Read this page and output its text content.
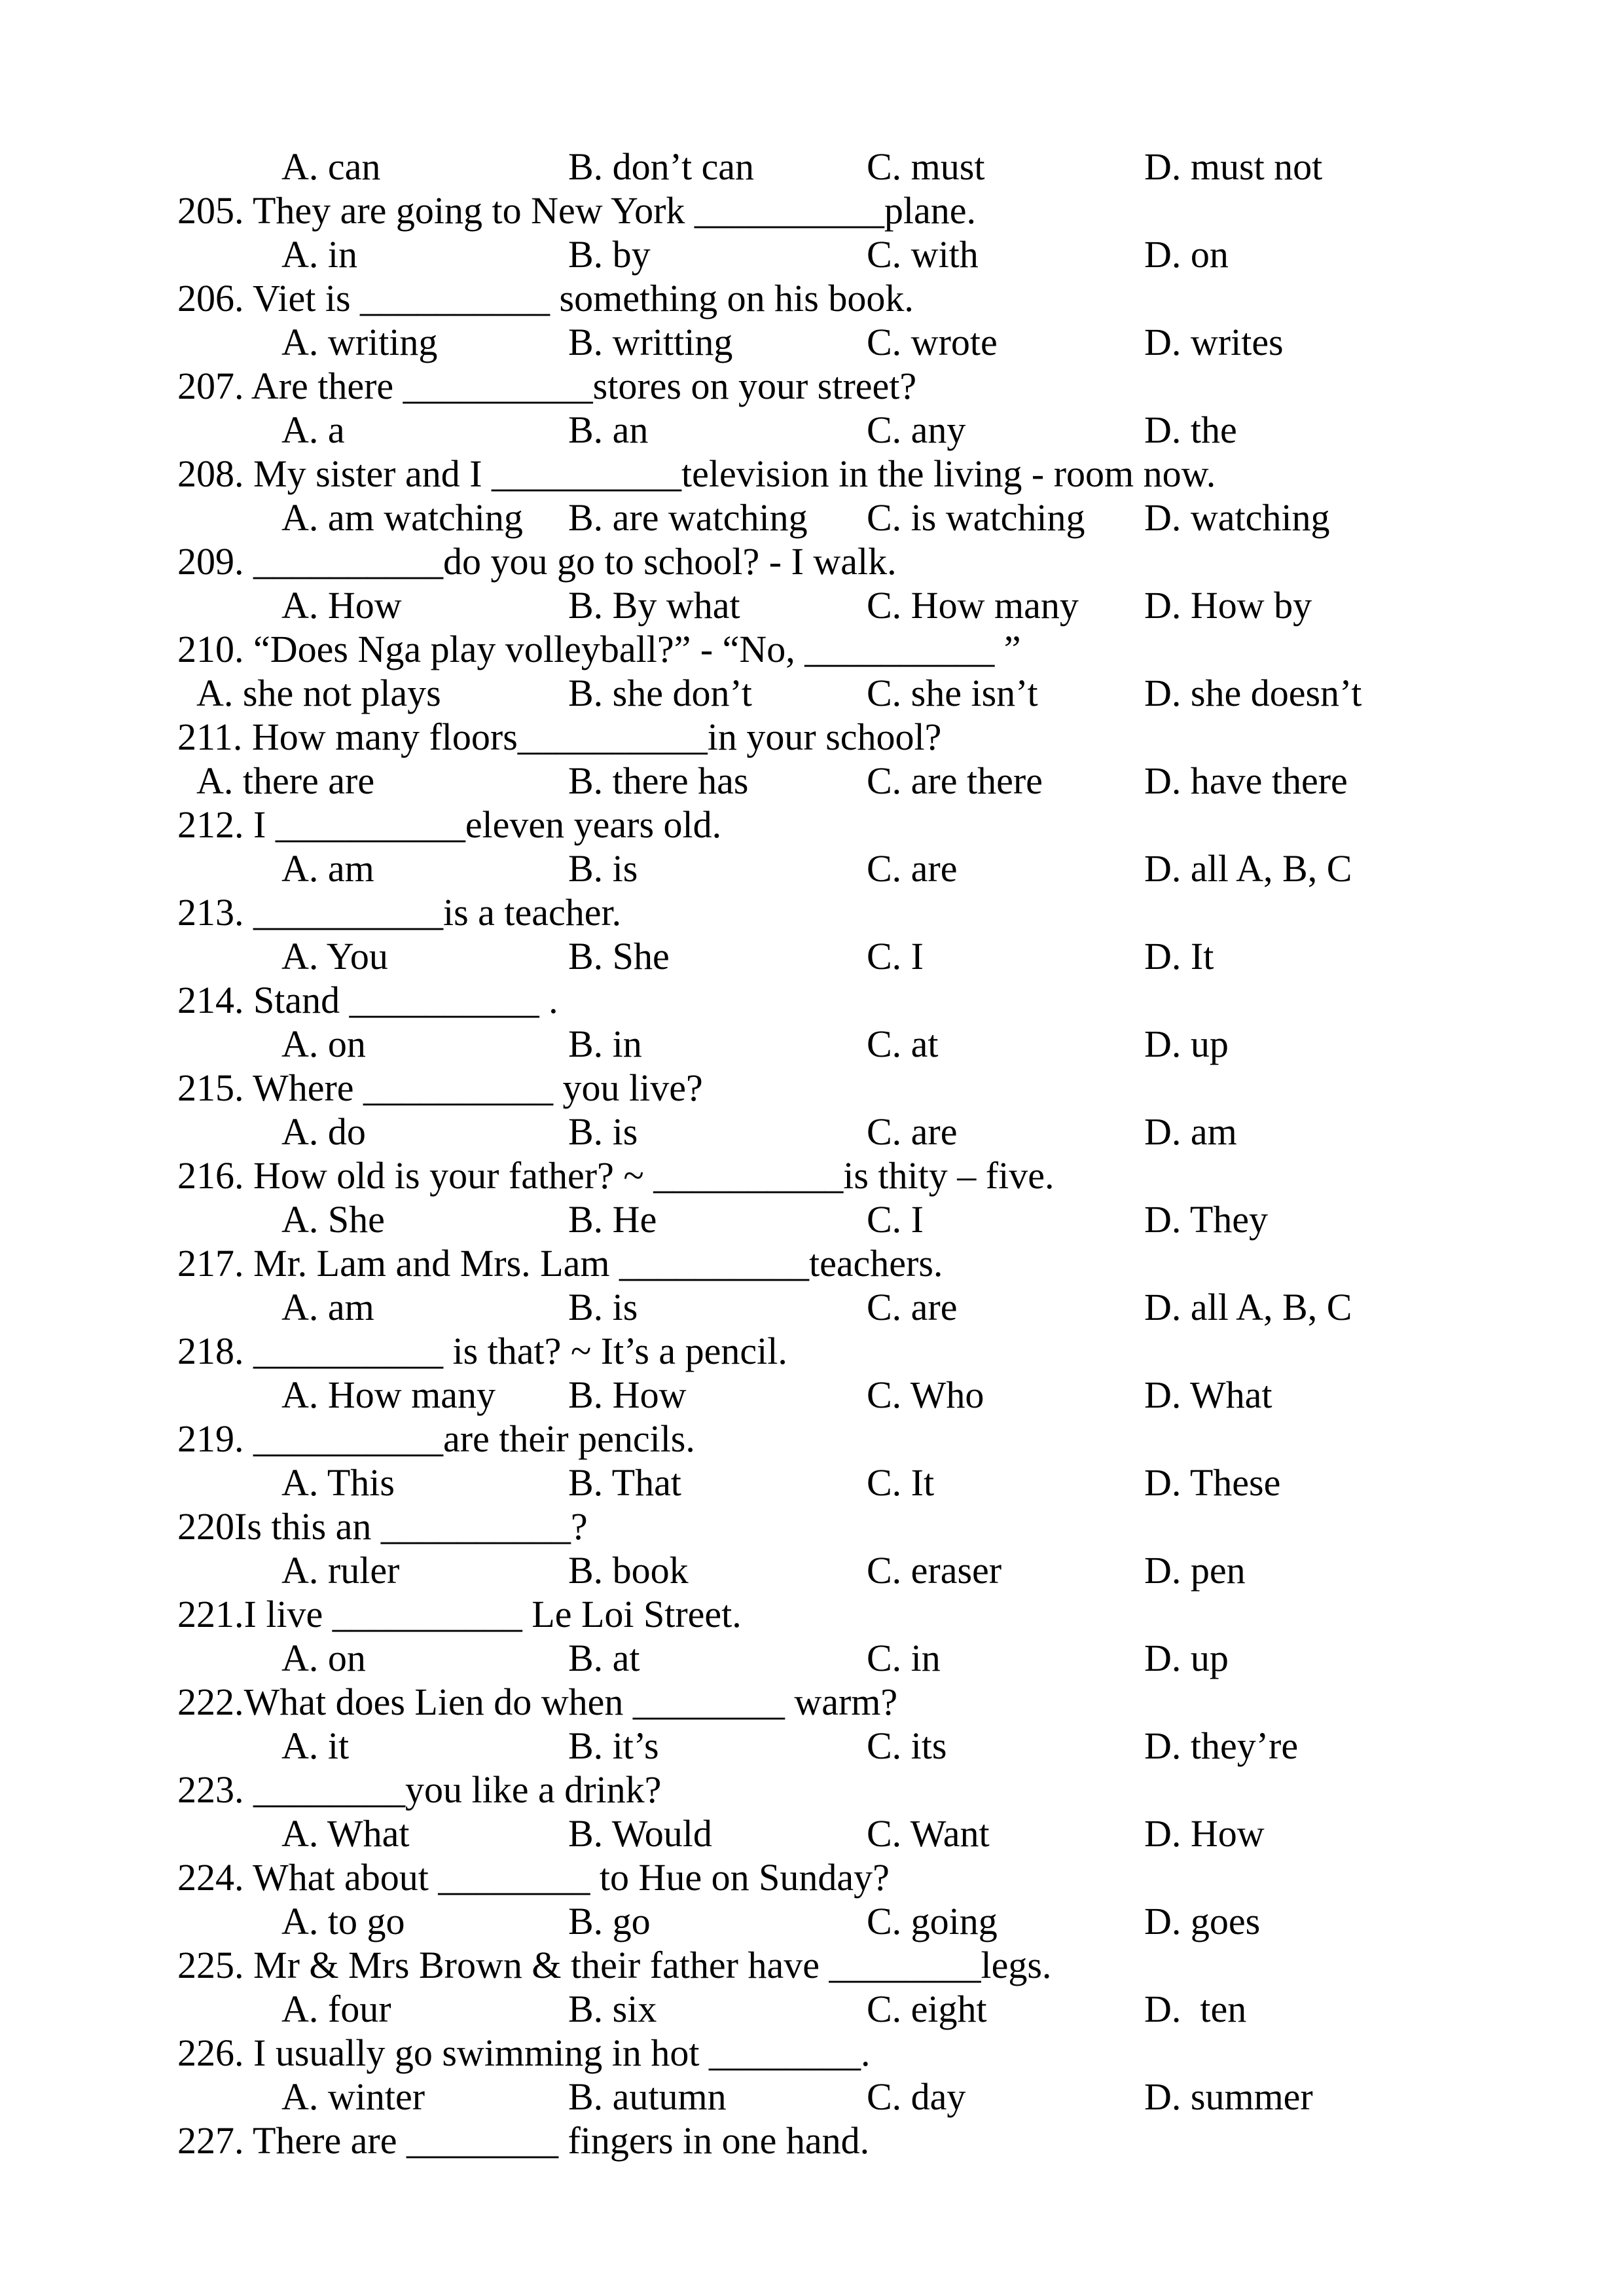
A. can	B. don’t can	C. must	D. must not
205. They are going to New York __________plane.
A. in	B. by	C. with	D. on
206. Viet is __________ something on his book.
A. writing	B. writting	C. wrote	D. writes
207. Are there __________stores on your street?
A. a	B. an	C. any	D. the
208. My sister and I __________television in the living - room now.
A. am watching B. are watching C. is watching D. watching
209. __________do you go to school? - I walk.
A. How	B. By what	C. How many D. How by
210. “Does Nga play volleyball?” - “No, __________ ”
A. she not plays	B. she don’t	C. she isn’t	D. she doesn’t
211. How many floors__________in your school?
A. there are	B. there has	C. are there	D. have there
212. I __________eleven years old.
A. am	B. is	C. are	D. all A, B, C
213. __________is a teacher.
A. You	B. She	C. I	D. It
214. Stand __________ .
A. on	B. in	C. at	D. up
215. Where __________ you live?
A. do	B. is	C. are	D. am
216. How old is your father? ~ __________is thity – five.
A. She	B. He	C. I	D. They
217. Mr. Lam and Mrs. Lam __________teachers.
A. am	B. is	C. are	D. all A, B, C
218. __________ is that? ~ It’s a pencil.
A. How many B. How	C. Who	D. What
219. __________are their pencils.
A. This	B. That	C. It	D. These
220Is this an __________?
A. ruler	B. book	C. eraser	D. pen
221.I live __________ Le Loi Street.
A. on	B. at	C. in	D. up
222.What does Lien do when ________ warm?
A. it	B. it’s	C. its	D. they’re
223. ________you like a drink?
A. What	B. Would	C. Want	D. How
224. What about ________ to Hue on Sunday?
A. to go	B. go	C. going	D. goes
225. Mr & Mrs Brown & their father have ________legs.
A. four	B. six	C. eight	D.  ten
226. I usually go swimming in hot ________.
A. winter	B. autumn	C. day	D. summer
227. There are ________ fingers in one hand.
